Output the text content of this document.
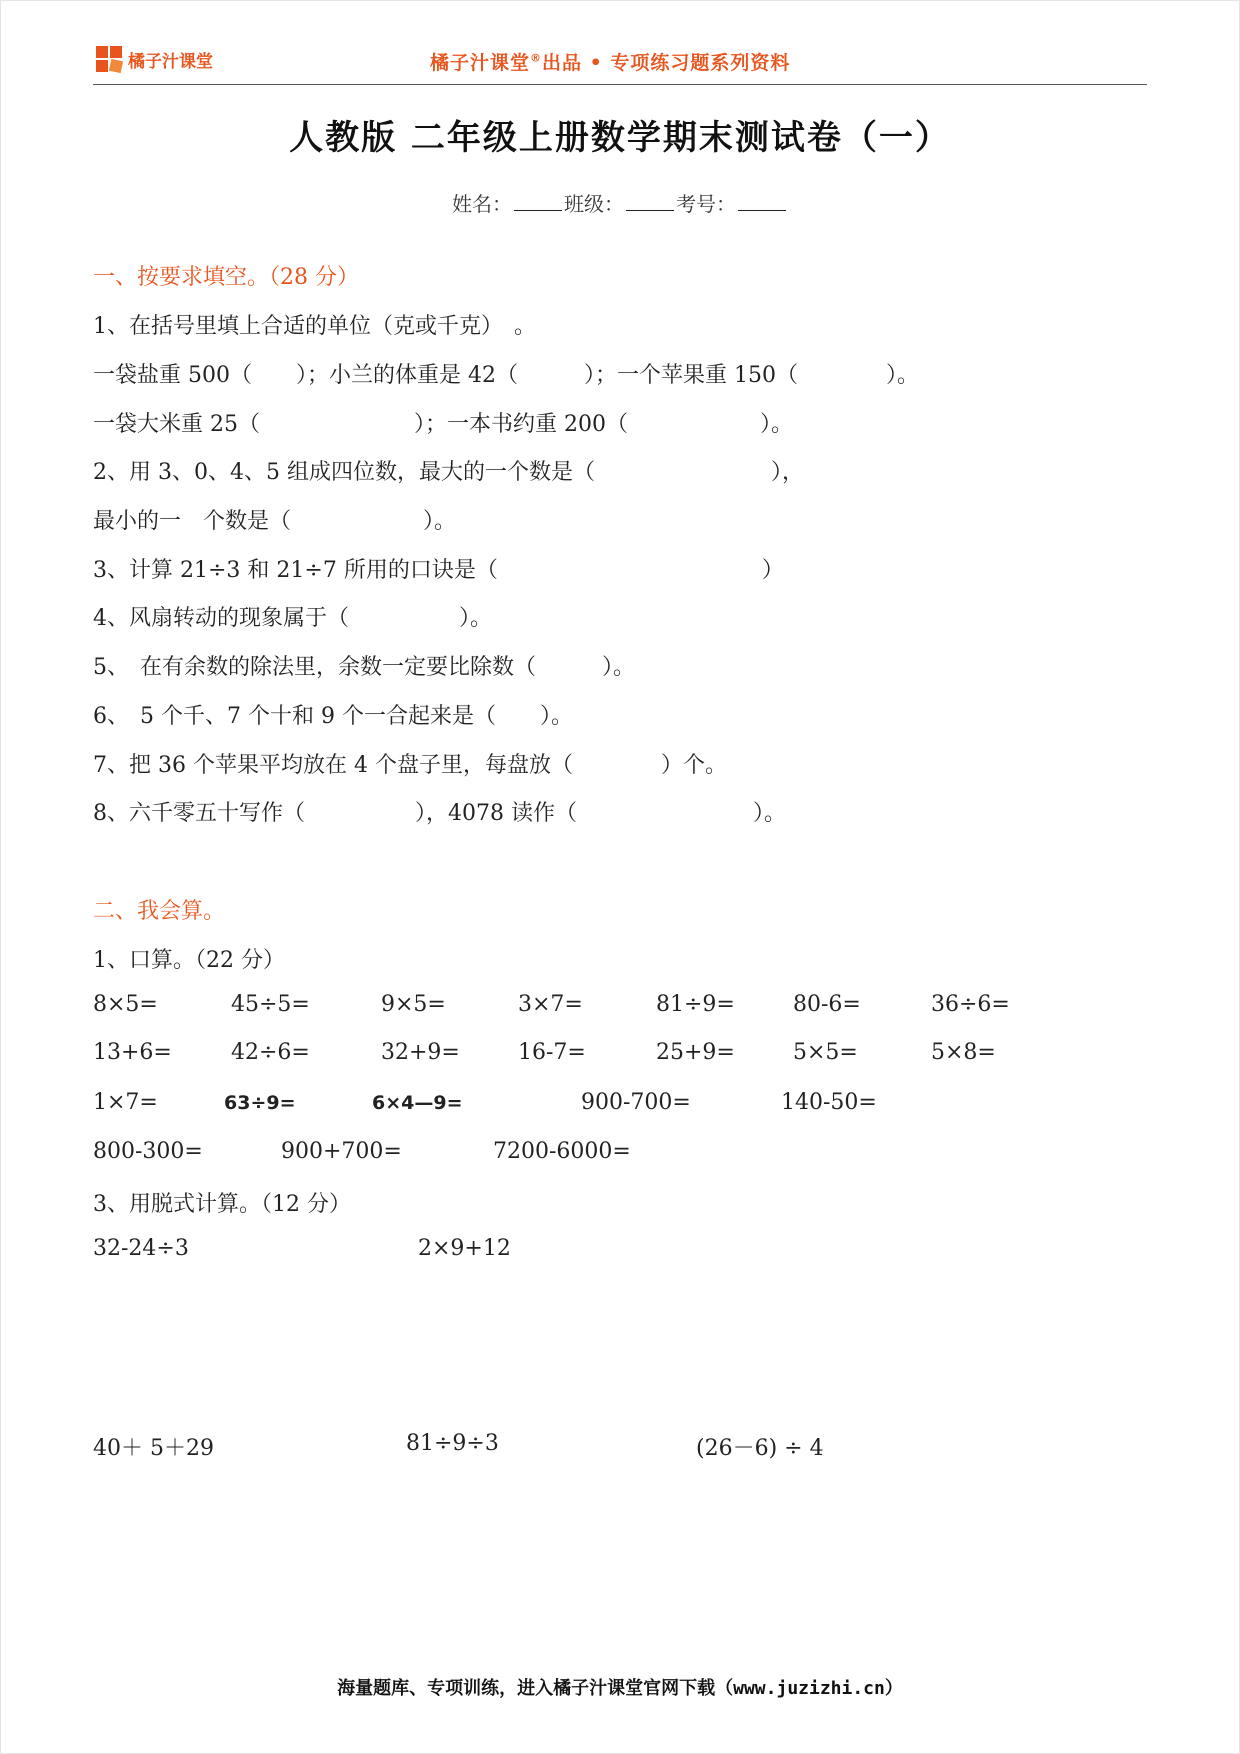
橘子汁课堂	橘子汁课堂®出品 • 专项练习题系列资料
人教版 二年级上册数学期末测试卷（一）
姓名：	班级：	考号：
一、按要求填空。（28 分）
1、在括号里填上合适的单位（克或千克）　。
一袋盐重 500（　　）；小兰的体重是 42（　　　）；一个苹果重 150（　　　　）。
一袋大米重 25（　　　　　　　）；一本书约重 200（　　　　　　）。
2、用 3、0、4、5 组成四位数，最大的一个数是（　　　　　　　　），
最小的一　个数是（　　　　　　）。
3、计算 21÷3 和 21÷7 所用的口诀是（　　　　　　　　　　　　）
4、风扇转动的现象属于（　　　　　）。
5、　在有余数的除法里，余数一定要比除数（　　　）。
6、　5 个千、7 个十和 9 个一合起来是（　　）。
7、把 36 个苹果平均放在 4 个盘子里，每盘放（　　　　）个。
8、六千零五十写作（　　　　　），4078 读作（　　　　　　　　）。
二、我会算。
1、口算。（22 分）
8×5=	45÷5=	9×5=	3×7=	81÷9=	80-6=	36÷6=
13+6=	42÷6=	32+9=	16-7=	25+9=	5×5=	5×8=
1×7=	63÷9=	6×4—9=	900-700=	140-50=
800-300=	900+700=	7200-6000=
3、用脱式计算。（12 分）
32-24÷3	2×9+12
40＋ 5＋29	81÷9÷3	(26－6) ÷ 4
海量题库、专项训练，进入橘子汁课堂官网下载（www.juzizhi.cn）
